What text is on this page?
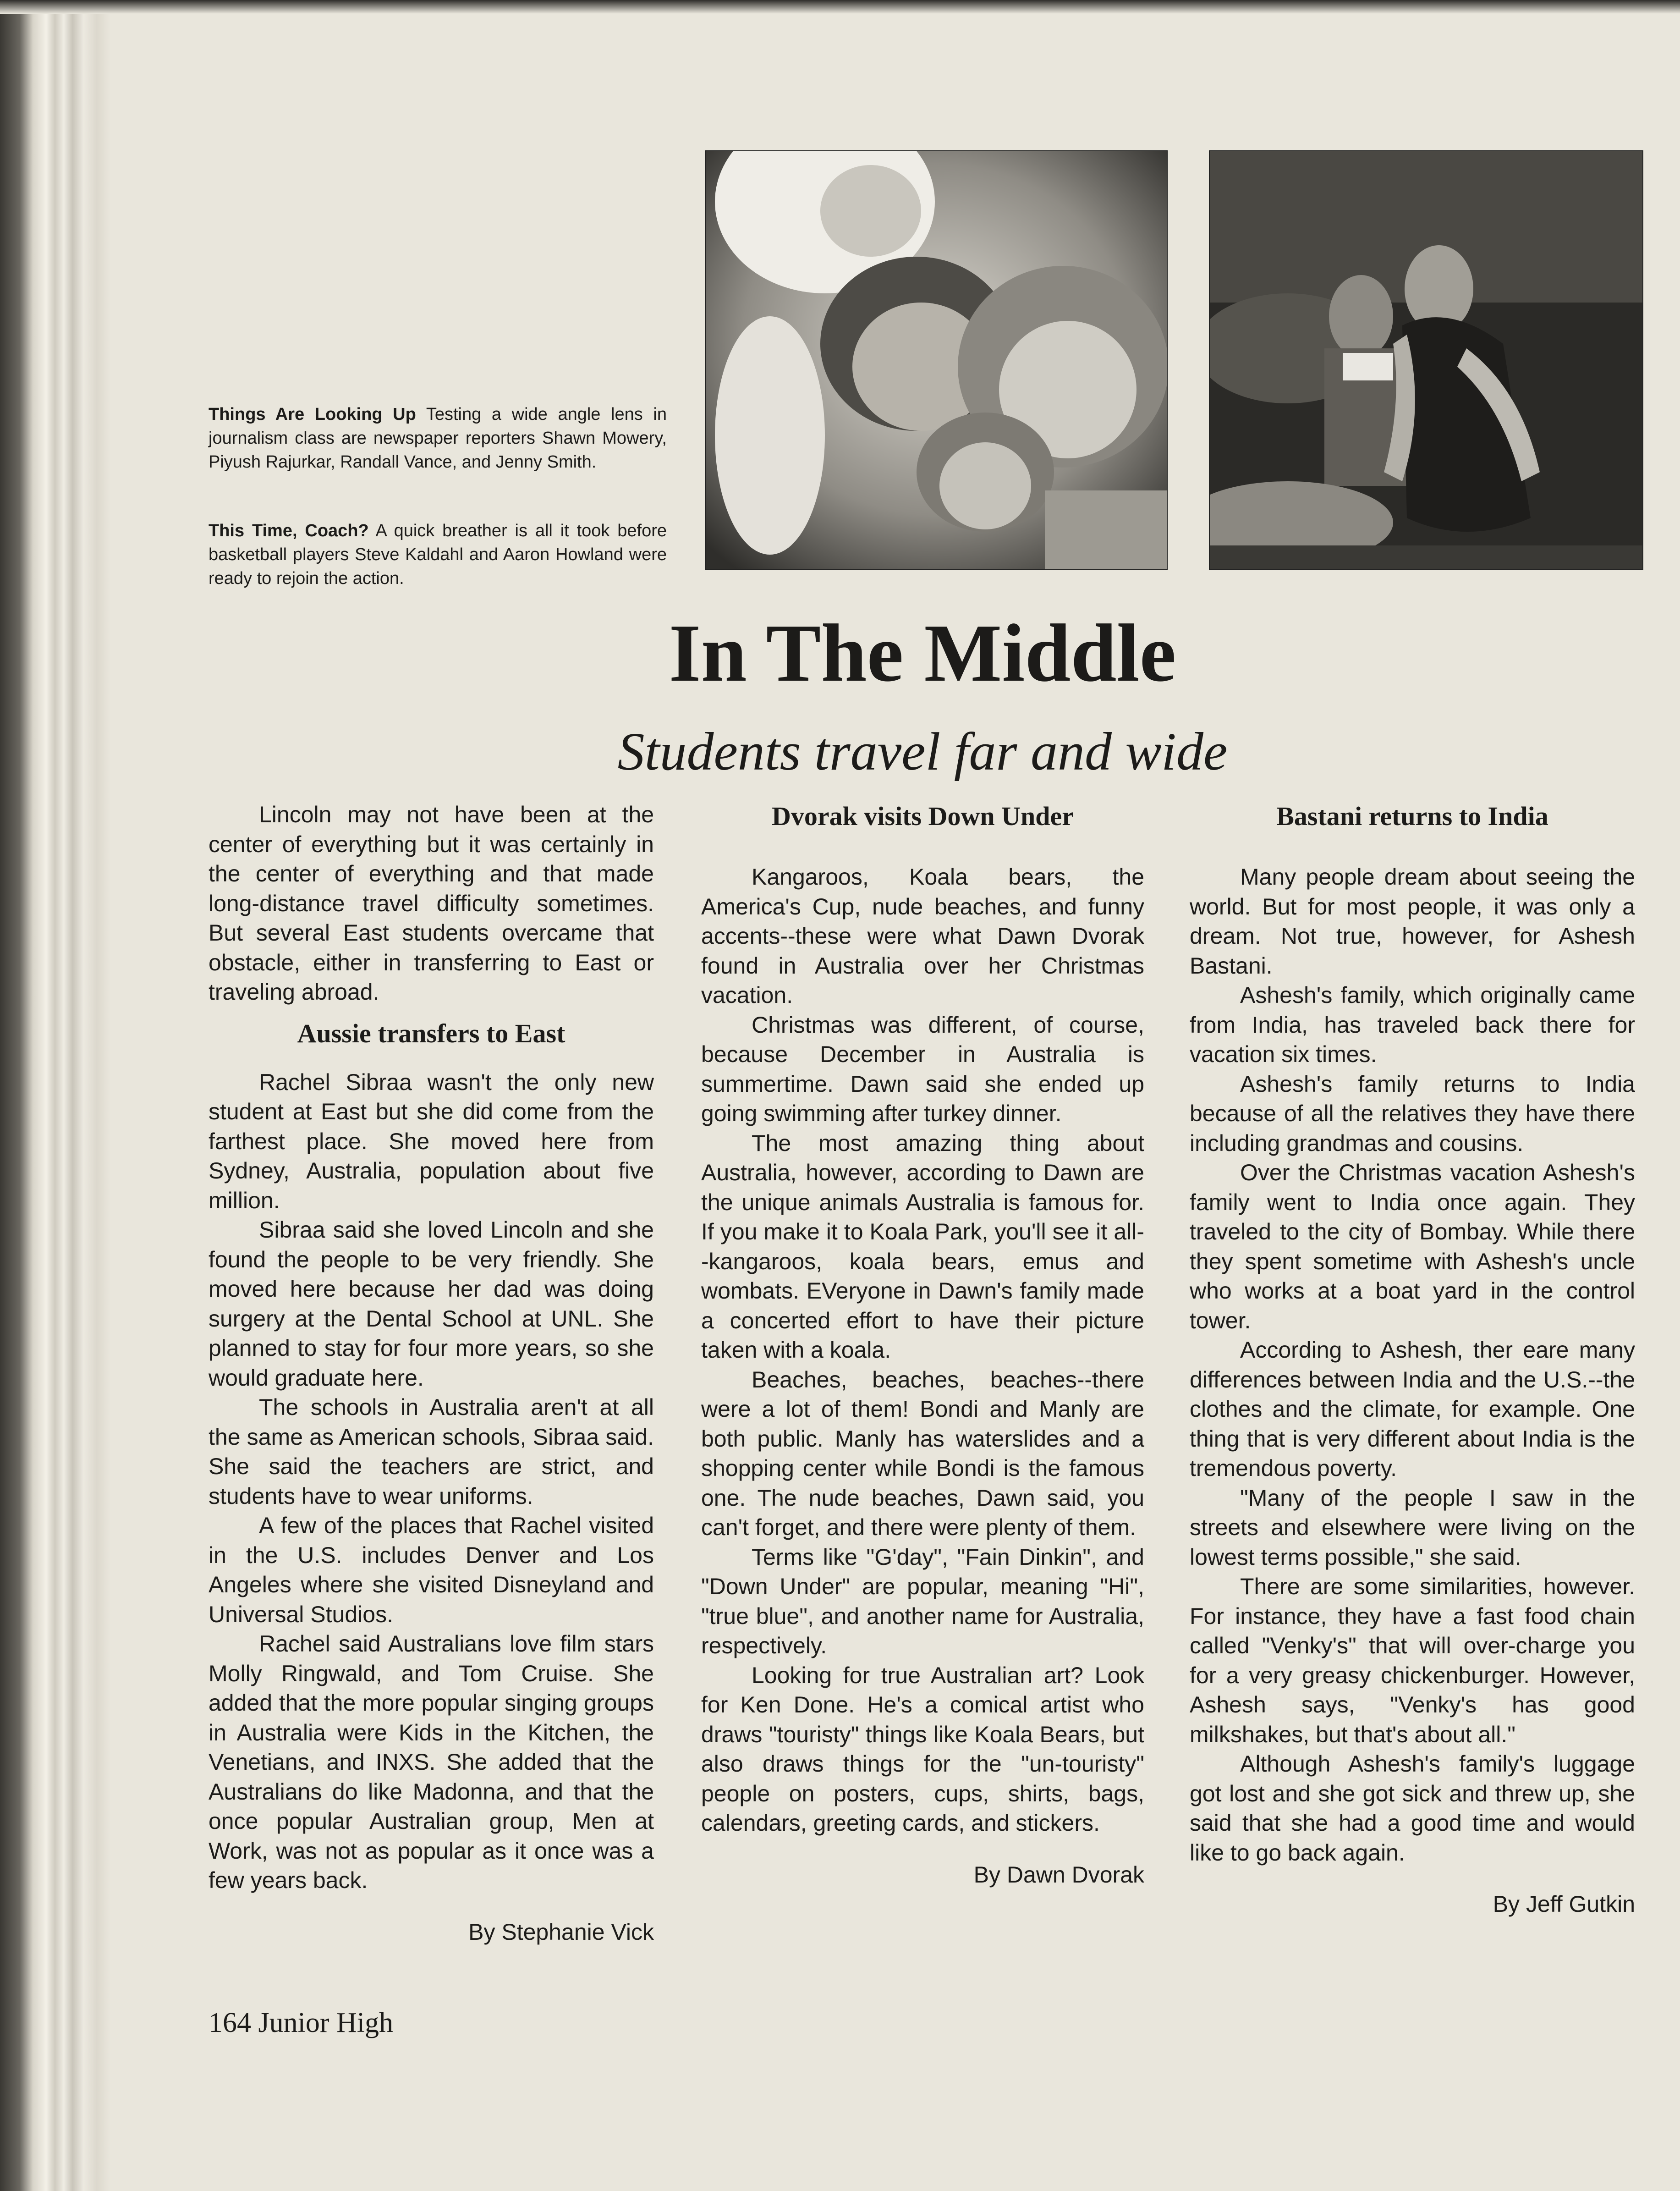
Things Are Looking Up Testing a wide angle lens in journalism class are newspaper reporters Shawn Mowery, Piyush Rajurkar, Randall Vance, and Jenny Smith.
This Time, Coach? A quick breather is all it took before basketball players Steve Kaldahl and Aaron Howland were ready to rejoin the action.
In The Middle
Students travel far and wide

Lincoln may not have been at the center of everything but it was certainly in the center of everything and that made long-distance travel difficulty sometimes. But several East students overcame that obstacle, either in transferring to East or traveling abroad.

Aussie transfers to East

Rachel Sibraa wasn't the only new student at East but she did come from the farthest place. She moved here from Sydney, Australia, population about five million.

Sibraa said she loved Lincoln and she found the people to be very friendly. She moved here because her dad was doing surgery at the Dental School at UNL. She planned to stay for four more years, so she would graduate here.

The schools in Australia aren't at all the same as American schools, Sibraa said. She said the teachers are strict, and students have to wear uniforms.

A few of the places that Rachel visited in the U.S. includes Denver and Los Angeles where she visited Disneyland and Universal Studios.

Rachel said Australians love film stars Molly Ringwald, and Tom Cruise. She added that the more popular singing groups in Australia were Kids in the Kitchen, the Venetians, and INXS. She added that the Australians do like Madonna, and that the once popular Australian group, Men at Work, was not as popular as it once was a few years back.

By Stephanie Vick

Dvorak visits Down Under

Kangaroos, Koala bears, the America's Cup, nude beaches, and funny accents--these were what Dawn Dvorak found in Australia over her Christmas vacation.

Christmas was different, of course, because December in Australia is summertime. Dawn said she ended up going swimming after turkey dinner.

The most amazing thing about Australia, however, according to Dawn are the unique animals Australia is famous for. If you make it to Koala Park, you'll see it all--kangaroos, koala bears, emus and wombats. EVeryone in Dawn's family made a concerted effort to have their picture taken with a koala.

Beaches, beaches, beaches--there were a lot of them! Bondi and Manly are both public. Manly has waterslides and a shopping center while Bondi is the famous one. The nude beaches, Dawn said, you can't forget, and there were plenty of them.

Terms like "G'day", "Fain Dinkin", and "Down Under" are popular, meaning "Hi", "true blue", and another name for Australia, respectively.

Looking for true Australian art? Look for Ken Done. He's a comical artist who draws "touristy" things like Koala Bears, but also draws things for the "un-touristy" people on posters, cups, shirts, bags, calendars, greeting cards, and stickers.

By Dawn Dvorak

Bastani returns to India

Many people dream about seeing the world. But for most people, it was only a dream. Not true, however, for Ashesh Bastani.

Ashesh's family, which originally came from India, has traveled back there for vacation six times.

Ashesh's family returns to India because of all the relatives they have there including grandmas and cousins.

Over the Christmas vacation Ashesh's family went to India once again. They traveled to the city of Bombay. While there they spent sometime with Ashesh's uncle who works at a boat yard in the control tower.

According to Ashesh, ther eare many differences between India and the U.S.--the clothes and the climate, for example. One thing that is very different about India is the tremendous poverty.

"Many of the people I saw in the streets and elsewhere were living on the lowest terms possible," she said.

There are some similarities, however. For instance, they have a fast food chain called "Venky's" that will over-charge you for a very greasy chickenburger. However, Ashesh says, "Venky's has good milkshakes, but that's about all."

Although Ashesh's family's luggage got lost and she got sick and threw up, she said that she had a good time and would like to go back again.

By Jeff Gutkin

164 Junior High
